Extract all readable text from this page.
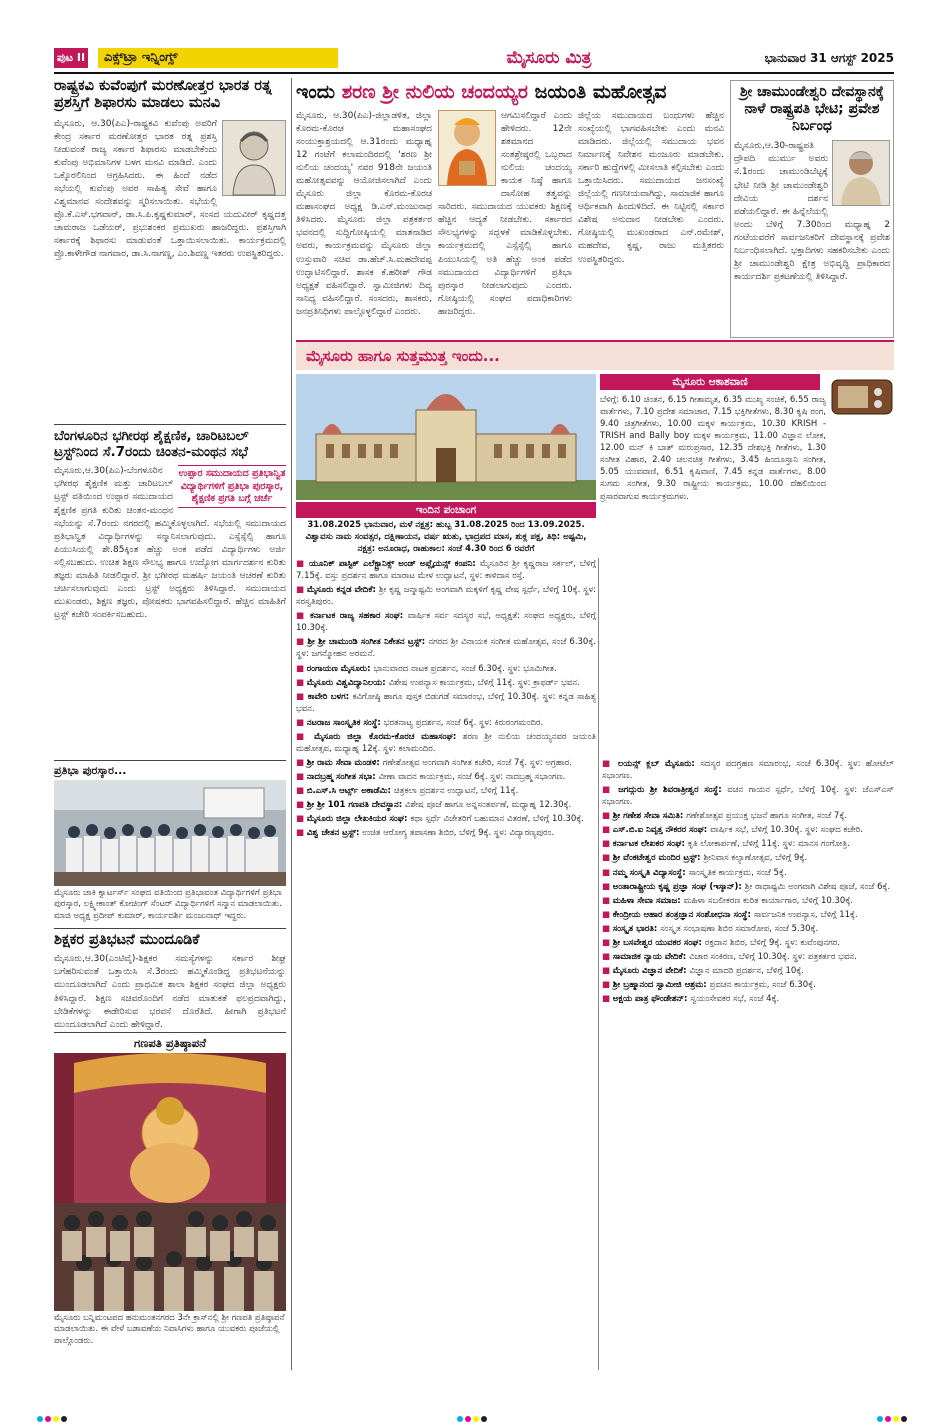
ಪುಟ II	ಎಕ್ಸ್‌ಟ್ರಾ ಇನ್ನಿಂಗ್ಸ್	ಮೈಸೂರು ಮಿತ್ರ	ಭಾನುವಾರ 31 ಆಗಸ್ಟ್ 2025
ರಾಷ್ಟ್ರಕವಿ ಕುವೆಂಪುಗೆ ಮರಣೋತ್ತರ ಭಾರತ ರತ್ನ ಪ್ರಶಸ್ತಿಗೆ ಶಿಫಾರಸು ಮಾಡಲು ಮನವಿ
ಮೈಸೂರು, ಆ.30(ಪಿಎ)-ರಾಷ್ಟ್ರಕವಿ ಕುವೆಂಪು ಅವರಿಗೆ ಕೇಂದ್ರ ಸರ್ಕಾರ ಮರಣೋತ್ತರ ಭಾರತ ರತ್ನ ಪ್ರಶಸ್ತಿ ನೀಡುವಂತೆ ರಾಜ್ಯ ಸರ್ಕಾರ ಶಿಫಾರಸು ಮಾಡಬೇಕೆಂದು ಕುವೆಂಪು ಅಭಿಮಾನಿಗಳ ಬಳಗ ಮನವಿ ಮಾಡಿದೆ. ಎಂದು ಒಕ್ಕೊರಲಿನಿಂದ ಆಗ್ರಹಿಸಿದರು. ಈ ಹಿಂದೆ ನಡೆದ ಸಭೆಯಲ್ಲಿ ಕುವೆಂಪು ಅವರ ಸಾಹಿತ್ಯ ಸೇವೆ ಹಾಗೂ ವಿಶ್ವಮಾನವ ಸಂದೇಶವನ್ನು ಸ್ಮರಿಸಲಾಯಿತು. ಸಭೆಯಲ್ಲಿ ಪ್ರೊ.ಕೆ.ಎಸ್.ಭಗವಾನ್, ಡಾ.ಸಿ.ಪಿ.ಕೃಷ್ಣಕುಮಾರ್, ಸಂಸದ ಯದುವೀರ್ ಕೃಷ್ಣದತ್ತ ಚಾಮರಾಜ ಒಡೆಯರ್, ಪ್ರಭುಶಂಕರ ಪ್ರಮುಖರು ಹಾಜರಿದ್ದರು. ಪ್ರಶಸ್ತಿಗಾಗಿ ಸರ್ಕಾರಕ್ಕೆ ಶಿಫಾರಸು ಮಾಡುವಂತೆ ಒತ್ತಾಯಿಸಲಾಯಿತು. ಕಾರ್ಯಕ್ರಮದಲ್ಲಿ ಪ್ರೊ.ಕಾಳೇಗೌಡ ನಾಗವಾರ, ಡಾ.ಸಿ.ನಾಗಣ್ಣ, ಎಂ.ಶಿವಣ್ಣ ಇತರರು ಉಪಸ್ಥಿತರಿದ್ದರು.
ಬೆಂಗಳೂರಿನ ಭಗೀರಥ ಶೈಕ್ಷಣಿಕ, ಚಾರಿಟಬಲ್ ಟ್ರಸ್ಟ್‌ನಿಂದ ಸೆ.7ರಂದು ಚಿಂತನ-ಮಂಥನ ಸಭೆ
ಉಪ್ಪಾರ ಸಮುದಾಯದ ಪ್ರತಿಭಾನ್ವಿತ ವಿದ್ಯಾರ್ಥಿಗಳಿಗೆ ಪ್ರತಿಭಾ ಪುರಸ್ಕಾರ, ಶೈಕ್ಷಣಿಕ ಪ್ರಗತಿ ಬಗ್ಗೆ ಚರ್ಚೆ
ಮೈಸೂರು,ಆ.30(ಪಿಎ)-ಬೆಂಗಳೂರಿನ ಭಗೀರಥ ಶೈಕ್ಷಣಿಕ ಮತ್ತು ಚಾರಿಟಬಲ್ ಟ್ರಸ್ಟ್ ವತಿಯಿಂದ ಉಪ್ಪಾರ ಸಮುದಾಯದ ಶೈಕ್ಷಣಿಕ ಪ್ರಗತಿ ಕುರಿತು ಚಿಂತನ-ಮಂಥನ ಸಭೆಯನ್ನು ಸೆ.7ರಂದು ನಗರದಲ್ಲಿ ಹಮ್ಮಿಕೊಳ್ಳಲಾಗಿದೆ. ಸಭೆಯಲ್ಲಿ ಸಮುದಾಯದ ಪ್ರತಿಭಾನ್ವಿತ ವಿದ್ಯಾರ್ಥಿಗಳನ್ನು ಸನ್ಮಾನಿಸಲಾಗುವುದು. ಎಸ್ಸೆಸ್ಸೆಲ್ಸಿ ಹಾಗೂ ಪಿಯುಸಿಯಲ್ಲಿ ಶೇ.85ಕ್ಕಿಂತ ಹೆಚ್ಚು ಅಂಕ ಪಡೆದ ವಿದ್ಯಾರ್ಥಿಗಳು ಅರ್ಜಿ ಸಲ್ಲಿಸಬಹುದು. ಉಚಿತ ಶಿಕ್ಷಣ ಸೌಲಭ್ಯ ಹಾಗೂ ಉದ್ಯೋಗ ಮಾರ್ಗದರ್ಶನ ಕುರಿತು ತಜ್ಞರು ಮಾಹಿತಿ ನೀಡಲಿದ್ದಾರೆ. ಶ್ರೀ ಭಗೀರಥ ಮಹರ್ಷಿ ಜಯಂತಿ ಆಚರಣೆ ಕುರಿತು ಚರ್ಚಿಸಲಾಗುವುದು ಎಂದು ಟ್ರಸ್ಟ್ ಅಧ್ಯಕ್ಷರು ತಿಳಿಸಿದ್ದಾರೆ. ಸಮುದಾಯದ ಮುಖಂಡರು, ಶಿಕ್ಷಣ ತಜ್ಞರು, ಪೋಷಕರು ಭಾಗವಹಿಸಲಿದ್ದಾರೆ. ಹೆಚ್ಚಿನ ಮಾಹಿತಿಗೆ ಟ್ರಸ್ಟ್ ಕಚೇರಿ ಸಂಪರ್ಕಿಸಬಹುದು.
ಪ್ರತಿಭಾ ಪುರಸ್ಕಾರ...
ಮೈಸೂರು ಜಾಕಿ ಕ್ವಾರ್ಟರ್ಸ್ ಸಂಘದ ವತಿಯಿಂದ ಪ್ರತಿಭಾವಂತ ವಿದ್ಯಾರ್ಥಿಗಳಿಗೆ ಪ್ರತಿಭಾ ಪುರಸ್ಕಾರ, ಲಕ್ಷ್ಮೀಕಾಂತ್ ಕೋಚಿಂಗ್ ಸೆಂಟರ್ ವಿದ್ಯಾರ್ಥಿಗಳಿಗೆ ಸನ್ಮಾನ ಮಾಡಲಾಯಿತು. ಮಾಜಿ ಅಧ್ಯಕ್ಷ ಪ್ರದೀಪ್ ಕುಮಾರ್, ಕಾರ್ಯದರ್ಶಿ ಮಂಜುನಾಥ್ ಇದ್ದರು.
ಶಿಕ್ಷಕರ ಪ್ರತಿಭಟನೆ ಮುಂದೂಡಿಕೆ
ಮೈಸೂರು,ಆ.30(ಎಂಟಿವೈ)-ಶಿಕ್ಷಕರ ಸಮಸ್ಯೆಗಳನ್ನು ಸರ್ಕಾರ ಶೀಘ್ರ ಬಗೆಹರಿಸುವಂತೆ ಒತ್ತಾಯಿಸಿ ಸೆ.3ರಂದು ಹಮ್ಮಿಕೊಂಡಿದ್ದ ಪ್ರತಿಭಟನೆಯನ್ನು ಮುಂದೂಡಲಾಗಿದೆ ಎಂದು ಪ್ರಾಥಮಿಕ ಶಾಲಾ ಶಿಕ್ಷಕರ ಸಂಘದ ಜಿಲ್ಲಾ ಅಧ್ಯಕ್ಷರು ತಿಳಿಸಿದ್ದಾರೆ. ಶಿಕ್ಷಣ ಸಚಿವರೊಂದಿಗೆ ನಡೆದ ಮಾತುಕತೆ ಫಲಪ್ರದವಾಗಿದ್ದು, ಬೇಡಿಕೆಗಳನ್ನು ಈಡೇರಿಸುವ ಭರವಸೆ ದೊರೆತಿದೆ. ಹೀಗಾಗಿ ಪ್ರತಿಭಟನೆ ಮುಂದೂಡಲಾಗಿದೆ ಎಂದು ಹೇಳಿದ್ದಾರೆ.
ಗಣಪತಿ ಪ್ರತಿಷ್ಠಾಪನೆ
ಮೈಸೂರು ಬನ್ನಿಮಂಟಪದ ಹನುಮಂತನಗರದ 3ನೇ ಕ್ರಾಸ್‌ನಲ್ಲಿ ಶ್ರೀ ಗಣಪತಿ ಪ್ರತಿಷ್ಠಾಪನೆ ಮಾಡಲಾಯಿತು. ಈ ವೇಳೆ ಬಡಾವಣೆಯ ನಿವಾಸಿಗಳು ಹಾಗೂ ಯುವಕರು ಪೂಜೆಯಲ್ಲಿ ಪಾಲ್ಗೊಂಡರು.
ಇಂದು ಶರಣ ಶ್ರೀ ನುಲಿಯ ಚಂದಯ್ಯರ ಜಯಂತಿ ಮಹೋತ್ಸವ
ಮೈಸೂರು, ಆ.30(ಪಿಎ)-ಜಿಲ್ಲಾಡಳಿತ, ಜಿಲ್ಲಾ ಕೊರಮ-ಕೊರಚ ಮಹಾಸಂಘದ ಸಂಯುಕ್ತಾಶ್ರಯದಲ್ಲಿ ಆ.31ರಂದು ಮಧ್ಯಾಹ್ನ 12 ಗಂಟೆಗೆ ಕಲಾಮಂದಿರದಲ್ಲಿ 'ಶರಣ ಶ್ರೀ ನುಲಿಯ ಚಂದಯ್ಯ' ನವರ 918ನೇ ಜಯಂತಿ ಮಹೋತ್ಸವವನ್ನು ಆಯೋಜಿಸಲಾಗಿದೆ ಎಂದು ಮೈಸೂರು ಜಿಲ್ಲಾ ಕೊರಮ-ಕೊರಚ ಮಹಾಸಂಘದ ಅಧ್ಯಕ್ಷ ಡಿ.ಎನ್.ಮಂಜುನಾಥ ತಿಳಿಸಿದರು. ಮೈಸೂರು ಜಿಲ್ಲಾ ಪತ್ರಕರ್ತರ ಭವನದಲ್ಲಿ ಸುದ್ದಿಗೋಷ್ಠಿಯಲ್ಲಿ ಮಾತನಾಡಿದ ಅವರು, ಕಾರ್ಯಕ್ರಮವನ್ನು ಮೈಸೂರು ಜಿಲ್ಲಾ ಉಸ್ತುವಾರಿ ಸಚಿವ ಡಾ.ಹೆಚ್.ಸಿ.ಮಹದೇವಪ್ಪ ಉದ್ಘಾಟಿಸಲಿದ್ದಾರೆ. ಶಾಸಕ ಕೆ.ಹರೀಶ್ ಗೌಡ ಅಧ್ಯಕ್ಷತೆ ವಹಿಸಲಿದ್ದಾರೆ. ಸ್ವಾಮೀಜಿಗಳು ದಿವ್ಯ ಸಾನಿಧ್ಯ ವಹಿಸಲಿದ್ದಾರೆ. ಸಂಸದರು, ಶಾಸಕರು, ಜನಪ್ರತಿನಿಧಿಗಳು ಪಾಲ್ಗೊಳ್ಳಲಿದ್ದಾರೆ ಎಂದರು.
ಆಗಮಿಸಲಿದ್ದಾರೆ ಎಂದು ಹೇಳಿದರು. 12ನೇ ಶತಮಾನದ ಸಂತಶ್ರೇಷ್ಠರಲ್ಲಿ ಒಬ್ಬರಾದ ನುಲಿಯ ಚಂದಯ್ಯ ಕಾಯಕ ನಿಷ್ಠೆ ಹಾಗೂ ದಾಸೋಹ ತತ್ವವನ್ನು ಸಾರಿದರು. ಸಮುದಾಯದ ಯುವಕರು ಶಿಕ್ಷಣಕ್ಕೆ ಹೆಚ್ಚಿನ ಆದ್ಯತೆ ನೀಡಬೇಕು. ಸರ್ಕಾರದ ಸೌಲಭ್ಯಗಳನ್ನು ಸದ್ಬಳಕೆ ಮಾಡಿಕೊಳ್ಳಬೇಕು. ಕಾರ್ಯಕ್ರಮದಲ್ಲಿ ಎಸ್ಸೆಸ್ಸೆಲ್ಸಿ ಹಾಗೂ ಪಿಯುಸಿಯಲ್ಲಿ ಅತಿ ಹೆಚ್ಚು ಅಂಕ ಪಡೆದ ಸಮುದಾಯದ ವಿದ್ಯಾರ್ಥಿಗಳಿಗೆ ಪ್ರತಿಭಾ ಪುರಸ್ಕಾರ ನೀಡಲಾಗುವುದು ಎಂದರು. ಗೋಷ್ಠಿಯಲ್ಲಿ ಸಂಘದ ಪದಾಧಿಕಾರಿಗಳು ಹಾಜರಿದ್ದರು.
ಜಿಲ್ಲೆಯ ಸಮುದಾಯದ ಬಂಧುಗಳು ಹೆಚ್ಚಿನ ಸಂಖ್ಯೆಯಲ್ಲಿ ಭಾಗವಹಿಸಬೇಕು ಎಂದು ಮನವಿ ಮಾಡಿದರು. ಜಿಲ್ಲೆಯಲ್ಲಿ ಸಮುದಾಯ ಭವನ ನಿರ್ಮಾಣಕ್ಕೆ ನಿವೇಶನ ಮಂಜೂರು ಮಾಡಬೇಕು. ಸರ್ಕಾರಿ ಹುದ್ದೆಗಳಲ್ಲಿ ಮೀಸಲಾತಿ ಕಲ್ಪಿಸಬೇಕು ಎಂದು ಒತ್ತಾಯಿಸಿದರು. ಸಮುದಾಯದ ಜನಸಂಖ್ಯೆ ಜಿಲ್ಲೆಯಲ್ಲಿ ಗಣನೀಯವಾಗಿದ್ದು, ಸಾಮಾಜಿಕ ಹಾಗೂ ಆರ್ಥಿಕವಾಗಿ ಹಿಂದುಳಿದಿದೆ. ಈ ನಿಟ್ಟಿನಲ್ಲಿ ಸರ್ಕಾರ ವಿಶೇಷ ಅನುದಾನ ನೀಡಬೇಕು ಎಂದರು. ಗೋಷ್ಠಿಯಲ್ಲಿ ಮುಖಂಡರಾದ ಎನ್.ರಮೇಶ್, ಮಹದೇವ, ಕೃಷ್ಣ, ರಾಜು ಮತ್ತಿತರರು ಉಪಸ್ಥಿತರಿದ್ದರು.
ಶ್ರೀ ಚಾಮುಂಡೇಶ್ವರಿ ದೇವಸ್ಥಾನಕ್ಕೆ ನಾಳೆ ರಾಷ್ಟ್ರಪತಿ ಭೇಟಿ; ಪ್ರವೇಶ ನಿರ್ಬಂಧ
ಮೈಸೂರು,ಆ.30-ರಾಷ್ಟ್ರಪತಿ ದ್ರೌಪದಿ ಮುರ್ಮು ಅವರು ಸೆ.1ರಂದು ಚಾಮುಂಡಿಬೆಟ್ಟಕ್ಕೆ ಭೇಟಿ ನೀಡಿ ಶ್ರೀ ಚಾಮುಂಡೇಶ್ವರಿ ದೇವಿಯ ದರ್ಶನ ಪಡೆಯಲಿದ್ದಾರೆ. ಈ ಹಿನ್ನೆಲೆಯಲ್ಲಿ ಅಂದು ಬೆಳಿಗ್ಗೆ 7.30ರಿಂದ ಮಧ್ಯಾಹ್ನ 2 ಗಂಟೆಯವರೆಗೆ ಸಾರ್ವಜನಿಕರಿಗೆ ದೇವಸ್ಥಾನಕ್ಕೆ ಪ್ರವೇಶ ನಿರ್ಬಂಧಿಸಲಾಗಿದೆ. ಭಕ್ತಾದಿಗಳು ಸಹಕರಿಸಬೇಕು ಎಂದು ಶ್ರೀ ಚಾಮುಂಡೇಶ್ವರಿ ಕ್ಷೇತ್ರ ಅಭಿವೃದ್ಧಿ ಪ್ರಾಧಿಕಾರದ ಕಾರ್ಯದರ್ಶಿ ಪ್ರಕಟಣೆಯಲ್ಲಿ ತಿಳಿಸಿದ್ದಾರೆ.
ಮೈಸೂರು ಹಾಗೂ ಸುತ್ತಮುತ್ತ ಇಂದು...
ಇಂದಿನ ಪಂಚಾಂಗ
31.08.2025 ಭಾನುವಾರ, ಮಳೆ ನಕ್ಷತ್ರ: ಹುಬ್ಬ 31.08.2025 ರಿಂದ 13.09.2025. ವಿಶ್ವಾವಸು ನಾಮ ಸಂವತ್ಸರ, ದಕ್ಷಿಣಾಯನ, ವರ್ಷ ಋತು, ಭಾದ್ರಪದ ಮಾಸ, ಶುಕ್ಲ ಪಕ್ಷ, ತಿಥಿ: ಅಷ್ಟಮಿ, ನಕ್ಷತ್ರ: ಅನೂರಾಧ, ರಾಹುಕಾಲ: ಸಂಜೆ 4.30 ರಿಂದ 6 ರವರೆಗೆ
ಮೈಸೂರು ಆಕಾಶವಾಣಿ
ಬೆಳಿಗ್ಗೆ: 6.10 ಚಿಂತನ, 6.15 ಗೀತಾಮೃತ, 6.35 ಮುಖ್ಯ ಸಂಚಿಕೆ, 6.55 ರಾಜ್ಯ ವಾರ್ತೆಗಳು, 7.10 ಪ್ರದೇಶ ಸಮಾಚಾರ, 7.15 ಭಕ್ತಿಗೀತೆಗಳು, 8.30 ಕೃಷಿ ರಂಗ, 9.40 ಚಿತ್ರಗೀತೆಗಳು, 10.00 ಮಕ್ಕಳ ಕಾರ್ಯಕ್ರಮ, 10.30 KRISH - TRISH and Bally boy ಮಕ್ಕಳ ಕಾರ್ಯಕ್ರಮ, 11.00 ವಿಜ್ಞಾನ ಲೋಕ, 12.00 ಮನ್ ಕಿ ಬಾತ್ ಮರುಪ್ರಸಾರ, 12.35 ದೇಶಭಕ್ತಿ ಗೀತೆಗಳು, 1.30 ಸಂಗೀತ ವಿಹಾರ, 2.40 ಚಲನಚಿತ್ರ ಗೀತೆಗಳು, 3.45 ಹಿಂದೂಸ್ತಾನಿ ಸಂಗೀತ, 5.05 ಯುವವಾಣಿ, 6.51 ಕೃಷಿವಾಣಿ, 7.45 ಕನ್ನಡ ವಾರ್ತೆಗಳು, 8.00 ಸುಗಮ ಸಂಗೀತ, 9.30 ರಾಷ್ಟ್ರೀಯ ಕಾರ್ಯಕ್ರಮ, 10.00 ದೆಹಲಿಯಿಂದ ಪ್ರಸಾರವಾಗುವ ಕಾರ್ಯಕ್ರಮಗಳು.
■ ಯೂನಿಕ್ ಪಾಸ್ಟಿಕ್ ಎಲೆಕ್ಟ್ರಾನಿಕ್ಸ್ ಅಂಡ್ ಅಪ್ಲೈಯನ್ಸ್ ಕಂಪನಿ: ಮೈಸೂರಿನ ಶ್ರೀ ಕೃಷ್ಣರಾಜ ಸರ್ಕಲ್, ಬೆಳಿಗ್ಗೆ 7.15ಕ್ಕೆ. ವಸ್ತು ಪ್ರದರ್ಶನ ಹಾಗೂ ಮಾರಾಟ ಮೇಳ ಉದ್ಘಾಟನೆ, ಸ್ಥಳ: ಕಾಳಿದಾಸ ರಸ್ತೆ.
■ ಮೈಸೂರು ಕನ್ನಡ ವೇದಿಕೆ: ಶ್ರೀ ಕೃಷ್ಣ ಜನ್ಮಾಷ್ಟಮಿ ಅಂಗವಾಗಿ ಮಕ್ಕಳಿಗೆ ಕೃಷ್ಣ ವೇಷ ಸ್ಪರ್ಧೆ, ಬೆಳಿಗ್ಗೆ 10ಕ್ಕೆ. ಸ್ಥಳ: ಸರಸ್ವತಿಪುರಂ.
■ ಕರ್ನಾಟಕ ರಾಜ್ಯ ಸಹಕಾರ ಸಂಘ: ವಾರ್ಷಿಕ ಸರ್ವ ಸದಸ್ಯರ ಸಭೆ, ಅಧ್ಯಕ್ಷತೆ: ಸಂಘದ ಅಧ್ಯಕ್ಷರು, ಬೆಳಿಗ್ಗೆ 10.30ಕ್ಕೆ.
■ ಶ್ರೀ ಶ್ರೀ ಚಾಮುಂಡಿ ಸಂಗೀತ ನಿಕೇತನ ಟ್ರಸ್ಟ್: ನಗರದ ಶ್ರೀ ವಿನಾಯಕ ಸಂಗೀತ ಮಹೋತ್ಸವ, ಸಂಜೆ 6.30ಕ್ಕೆ. ಸ್ಥಳ: ಜಗನ್ಮೋಹನ ಅರಮನೆ.
■ ರಂಗಾಯಣ ಮೈಸೂರು: ಭಾನುವಾರದ ನಾಟಕ ಪ್ರದರ್ಶನ, ಸಂಜೆ 6.30ಕ್ಕೆ. ಸ್ಥಳ: ಭೂಮಿಗೀತ.
■ ಮೈಸೂರು ವಿಶ್ವವಿದ್ಯಾನಿಲಯ: ವಿಶೇಷ ಉಪನ್ಯಾಸ ಕಾರ್ಯಕ್ರಮ, ಬೆಳಿಗ್ಗೆ 11ಕ್ಕೆ. ಸ್ಥಳ: ಕ್ರಾಫರ್ಡ್ ಭವನ.
■ ಕಾವೇರಿ ಬಳಗ: ಕವಿಗೋಷ್ಠಿ ಹಾಗೂ ಪುಸ್ತಕ ಬಿಡುಗಡೆ ಸಮಾರಂಭ, ಬೆಳಿಗ್ಗೆ 10.30ಕ್ಕೆ. ಸ್ಥಳ: ಕನ್ನಡ ಸಾಹಿತ್ಯ ಭವನ.
■ ನಟರಾಜ ಸಾಂಸ್ಕೃತಿಕ ಸಂಸ್ಥೆ: ಭರತನಾಟ್ಯ ಪ್ರದರ್ಶನ, ಸಂಜೆ 6ಕ್ಕೆ. ಸ್ಥಳ: ಕಿರುರಂಗಮಂದಿರ.
■ ಮೈಸೂರು ಜಿಲ್ಲಾ ಕೊರಮ-ಕೊರಚ ಮಹಾಸಂಘ: ಶರಣ ಶ್ರೀ ನುಲಿಯ ಚಂದಯ್ಯನವರ ಜಯಂತಿ ಮಹೋತ್ಸವ, ಮಧ್ಯಾಹ್ನ 12ಕ್ಕೆ. ಸ್ಥಳ: ಕಲಾಮಂದಿರ.
■ ಶ್ರೀ ರಾಮ ಸೇವಾ ಮಂಡಳಿ: ಗಣೇಶೋತ್ಸವ ಅಂಗವಾಗಿ ಸಂಗೀತ ಕಚೇರಿ, ಸಂಜೆ 7ಕ್ಕೆ. ಸ್ಥಳ: ಅಗ್ರಹಾರ.
■ ನಾದಬ್ರಹ್ಮ ಸಂಗೀತ ಸಭಾ: ವೀಣಾ ವಾದನ ಕಾರ್ಯಕ್ರಮ, ಸಂಜೆ 6ಕ್ಕೆ. ಸ್ಥಳ: ನಾದಬ್ರಹ್ಮ ಸಭಾಂಗಣ.
■ ಬಿ.ಎಸ್.ಸಿ ಆರ್ಟ್ಸ್ ಅಕಾಡೆಮಿ: ಚಿತ್ರಕಲಾ ಪ್ರದರ್ಶನ ಉದ್ಘಾಟನೆ, ಬೆಳಿಗ್ಗೆ 11ಕ್ಕೆ.
■ ಶ್ರೀ ಶ್ರೀ 101 ಗಣಪತಿ ದೇವಸ್ಥಾನ: ವಿಶೇಷ ಪೂಜೆ ಹಾಗೂ ಅನ್ನಸಂತರ್ಪಣೆ, ಮಧ್ಯಾಹ್ನ 12.30ಕ್ಕೆ.
■ ಮೈಸೂರು ಜಿಲ್ಲಾ ಲೇಖಕಿಯರ ಸಂಘ: ಕಥಾ ಸ್ಪರ್ಧೆ ವಿಜೇತರಿಗೆ ಬಹುಮಾನ ವಿತರಣೆ, ಬೆಳಿಗ್ಗೆ 10.30ಕ್ಕೆ.
■ ವಿಶ್ವ ಚೇತನ ಟ್ರಸ್ಟ್: ಉಚಿತ ಆರೋಗ್ಯ ತಪಾಸಣಾ ಶಿಬಿರ, ಬೆಳಿಗ್ಗೆ 9ಕ್ಕೆ. ಸ್ಥಳ: ವಿದ್ಯಾರಣ್ಯಪುರಂ.
■ ಲಯನ್ಸ್ ಕ್ಲಬ್ ಮೈಸೂರು: ಸದಸ್ಯರ ಪದಗ್ರಹಣ ಸಮಾರಂಭ, ಸಂಜೆ 6.30ಕ್ಕೆ. ಸ್ಥಳ: ಹೋಟೆಲ್ ಸಭಾಂಗಣ.
■ ಜಗದ್ಗುರು ಶ್ರೀ ಶಿವರಾತ್ರೀಶ್ವರ ಸಂಸ್ಥೆ: ವಚನ ಗಾಯನ ಸ್ಪರ್ಧೆ, ಬೆಳಿಗ್ಗೆ 10ಕ್ಕೆ. ಸ್ಥಳ: ಜೆಎಸ್‌ಎಸ್ ಸಭಾಂಗಣ.
■ ಶ್ರೀ ಗಣೇಶ ಸೇವಾ ಸಮಿತಿ: ಗಣೇಶೋತ್ಸವ ಪ್ರಯುಕ್ತ ಭಜನೆ ಹಾಗೂ ಸಂಗೀತ, ಸಂಜೆ 7ಕ್ಕೆ.
■ ಎಸ್.ಬಿ.ಐ ನಿವೃತ್ತ ನೌಕರರ ಸಂಘ: ವಾರ್ಷಿಕ ಸಭೆ, ಬೆಳಿಗ್ಗೆ 10.30ಕ್ಕೆ. ಸ್ಥಳ: ಸಂಘದ ಕಚೇರಿ.
■ ಕರ್ನಾಟಕ ಲೇಖಕರ ಸಂಘ: ಕೃತಿ ಲೋಕಾರ್ಪಣೆ, ಬೆಳಿಗ್ಗೆ 11ಕ್ಕೆ. ಸ್ಥಳ: ಮಾನಸ ಗಂಗೋತ್ರಿ.
■ ಶ್ರೀ ವೆಂಕಟೇಶ್ವರ ಮಂದಿರ ಟ್ರಸ್ಟ್: ಶ್ರೀನಿವಾಸ ಕಲ್ಯಾಣೋತ್ಸವ, ಬೆಳಿಗ್ಗೆ 9ಕ್ಕೆ.
■ ನಮ್ಮ ಸಂಸ್ಕೃತಿ ವಿದ್ಯಾಸಂಸ್ಥೆ: ಸಾಂಸ್ಕೃತಿಕ ಕಾರ್ಯಕ್ರಮ, ಸಂಜೆ 5ಕ್ಕೆ.
■ ಅಂತಾರಾಷ್ಟ್ರೀಯ ಕೃಷ್ಣ ಪ್ರಜ್ಞಾ ಸಂಘ (ಇಸ್ಕಾನ್): ಶ್ರೀ ರಾಧಾಷ್ಟಮಿ ಅಂಗವಾಗಿ ವಿಶೇಷ ಪೂಜೆ, ಸಂಜೆ 6ಕ್ಕೆ.
■ ಮಹಿಳಾ ಸೇವಾ ಸಮಾಜ: ಮಹಿಳಾ ಸಬಲೀಕರಣ ಕುರಿತ ಕಾರ್ಯಾಗಾರ, ಬೆಳಿಗ್ಗೆ 10.30ಕ್ಕೆ.
■ ಕೇಂದ್ರೀಯ ಆಹಾರ ತಂತ್ರಜ್ಞಾನ ಸಂಶೋಧನಾ ಸಂಸ್ಥೆ: ಸಾರ್ವಜನಿಕ ಉಪನ್ಯಾಸ, ಬೆಳಿಗ್ಗೆ 11ಕ್ಕೆ.
■ ಸಂಸ್ಕೃತ ಭಾರತಿ: ಸಂಸ್ಕೃತ ಸಂಭಾಷಣಾ ಶಿಬಿರ ಸಮಾರೋಪ, ಸಂಜೆ 5.30ಕ್ಕೆ.
■ ಶ್ರೀ ಬಸವೇಶ್ವರ ಯುವಕರ ಸಂಘ: ರಕ್ತದಾನ ಶಿಬಿರ, ಬೆಳಿಗ್ಗೆ 9ಕ್ಕೆ. ಸ್ಥಳ: ಕುವೆಂಪುನಗರ.
■ ಸಾಮಾಜಿಕ ನ್ಯಾಯ ವೇದಿಕೆ: ವಿಚಾರ ಸಂಕಿರಣ, ಬೆಳಿಗ್ಗೆ 10.30ಕ್ಕೆ. ಸ್ಥಳ: ಪತ್ರಕರ್ತರ ಭವನ.
■ ಮೈಸೂರು ವಿಜ್ಞಾನ ವೇದಿಕೆ: ವಿಜ್ಞಾನ ಮಾದರಿ ಪ್ರದರ್ಶನ, ಬೆಳಿಗ್ಗೆ 10ಕ್ಕೆ.
■ ಶ್ರೀ ಬ್ರಹ್ಮಾನಂದ ಸ್ವಾಮೀಜಿ ಆಶ್ರಮ: ಪ್ರವಚನ ಕಾರ್ಯಕ್ರಮ, ಸಂಜೆ 6.30ಕ್ಕೆ.
■ ಅಕ್ಷಯ ಪಾತ್ರ ಫೌಂಡೇಶನ್: ಸ್ವಯಂಸೇವಕರ ಸಭೆ, ಸಂಜೆ 4ಕ್ಕೆ.
